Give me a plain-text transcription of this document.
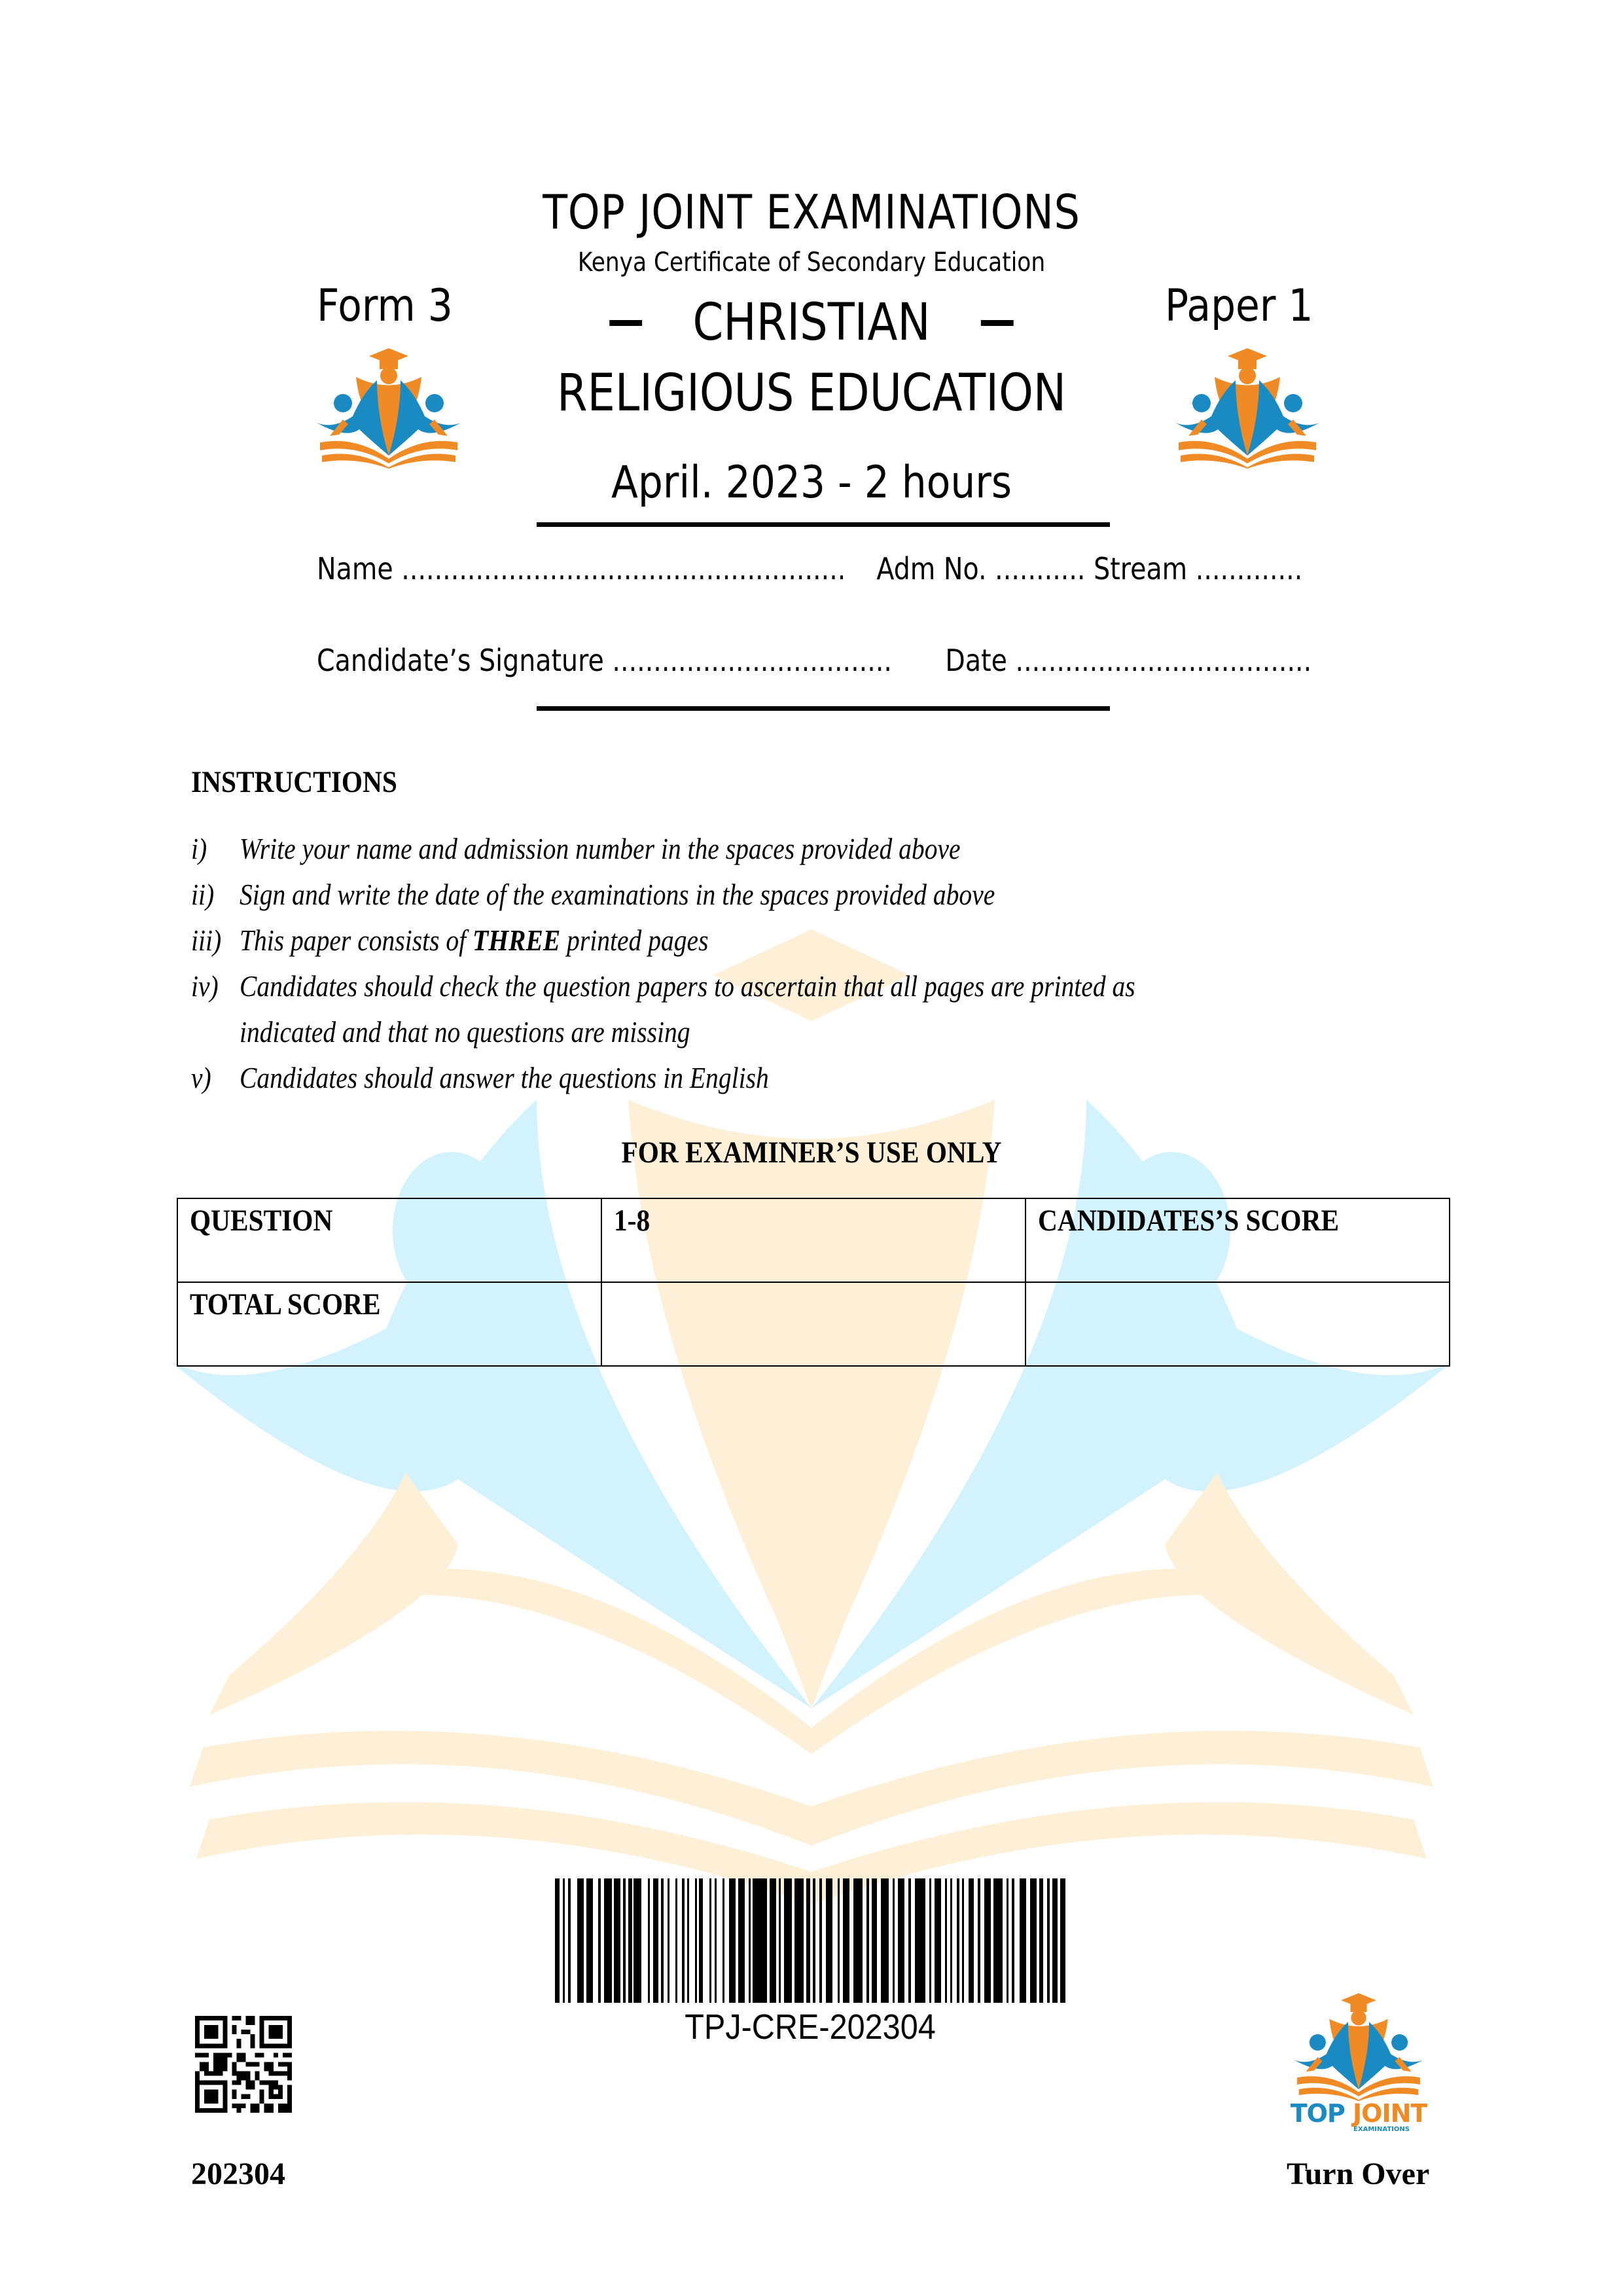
TOP JOINT EXAMINATIONS
Kenya Certificate of Secondary Education
Form 3	Paper 1
CHRISTIAN
RELIGIOUS EDUCATION
April. 2023 - 2 hours
Name ...................................................... Adm No. ........... Stream .............
Candidate’s Signature .................................. Date ....................................
INSTRUCTIONS
i)	Write your name and admission number in the spaces provided above
ii) Sign and write the date of the examinations in the spaces provided above
iii) This paper consists of THREE printed pages
iv) Candidates should check the question papers to ascertain that all pages are printed as indicated and that no questions are missing
v) Candidates should answer the questions in English
FOR EXAMINER’S USE ONLY
QUESTION	1-8	CANDIDATES’S SCORE
TOTAL SCORE		
TPJ-CRE-202304
TOP JOINT
EXAMINATIONS
202304	Turn Over
